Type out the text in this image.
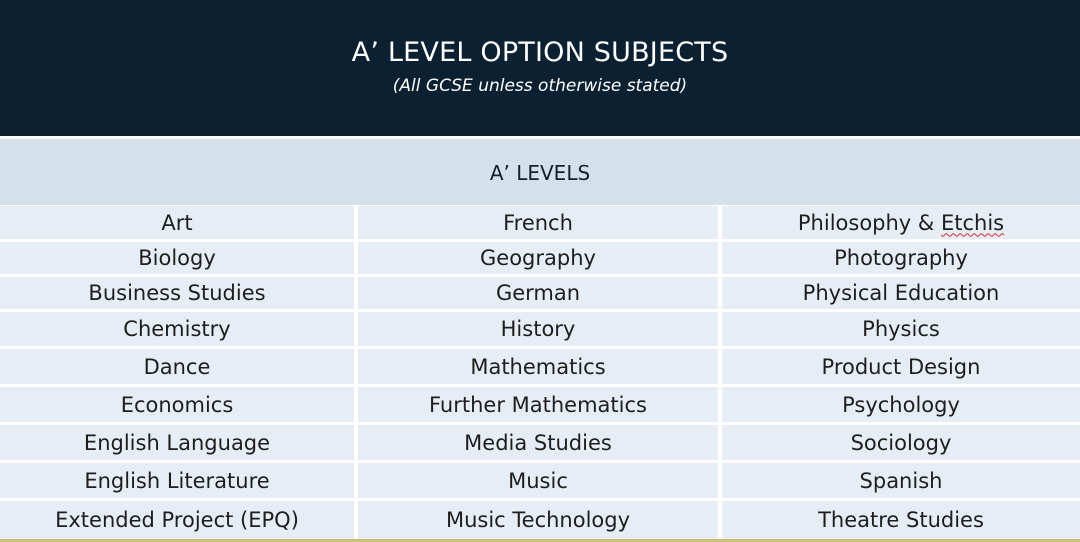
A’ LEVEL OPTION SUBJECTS
(All GCSE unless otherwise stated)
A’ LEVELS
Art	French	Philosophy & Etchis
Biology	Geography	Photography
Business Studies	German	Physical Education
Chemistry	History	Physics
Dance	Mathematics	Product Design
Economics	Further Mathematics	Psychology
English Language	Media Studies	Sociology
English Literature	Music	Spanish
Extended Project (EPQ)	Music Technology	Theatre Studies
